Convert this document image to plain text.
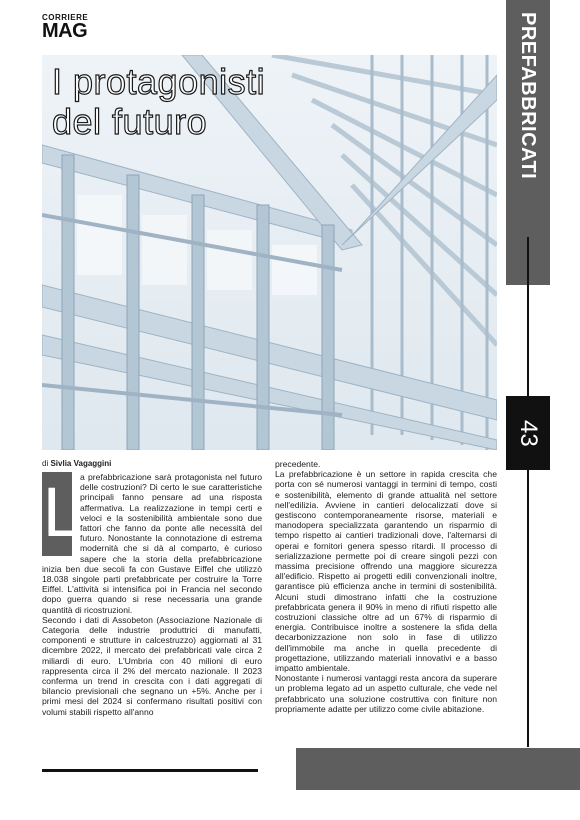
CORRIERE
MAG	PREFABBRICATI
43
I protagonisti
del futuro
di Sivlia Vagaggini
L a prefabbricazione sarà protagonista nel futuro delle costruzioni? Di certo le sue caratteristiche principali fanno pensare ad una risposta affermativa. La realizzazione in tempi certi e veloci e la sostenibilità ambientale sono due fattori che fanno da ponte alle necessità del futuro. Nonostante la connotazione di estrema modernità che si dà al comparto, è curioso sapere che la storia della prefabbricazione inizia ben due secoli fa con Gustave Eiffel che utilizzò 18.038 singole parti prefabbricate per costruire la Torre Eiffel. L'attività si intensifica poi in Francia nel secondo dopo guerra quando si rese necessaria una grande quantità di ricostruzioni.

Secondo i dati di Assobeton (Associazione Nazionale di Categoria delle industrie produttrici di manufatti, componenti e strutture in calcestruzzo) aggiornati al 31 dicembre 2022, il mercato dei prefabbricati vale circa 2 miliardi di euro. L'Umbria con 40 milioni di euro rappresenta circa il 2% del mercato nazionale. Il 2023 conferma un trend in crescita con i dati aggregati di bilancio previsionali che segnano un +5%. Anche per i primi mesi del 2024 si confermano risultati positivi con volumi stabili rispetto all'anno

precedente.

La prefabbricazione è un settore in rapida crescita che porta con sé numerosi vantaggi in termini di tempo, costi e sostenibilità, elemento di grande attualità nel settore nell'edilizia. Avviene in cantieri delocalizzati dove si gestiscono contemporaneamente risorse, materiali e manodopera specializzata garantendo un risparmio di tempo rispetto ai cantieri tradizionali dove, l'alternarsi di operai e fornitori genera spesso ritardi. Il processo di serializzazione permette poi di creare singoli pezzi con massima precisione offrendo una maggiore sicurezza all'edificio. Rispetto ai progetti edili convenzionali inoltre, garantisce più efficienza anche in termini di sostenibilità. Alcuni studi dimostrano infatti che la costruzione prefabbricata genera il 90% in meno di rifiuti rispetto alle costruzioni classiche oltre ad un 67% di risparmio di energia. Contribuisce inoltre a sostenere la sfida della decarbonizzazione non solo in fase di utilizzo dell'immobile ma anche in quella precedente di progettazione, utilizzando materiali innovativi e a basso impatto ambientale.

Nonostante i numerosi vantaggi resta ancora da superare un problema legato ad un aspetto culturale, che vede nel prefabbricato una soluzione costruttiva con finiture non propriamente adatte per utilizzo come civile abitazione.
